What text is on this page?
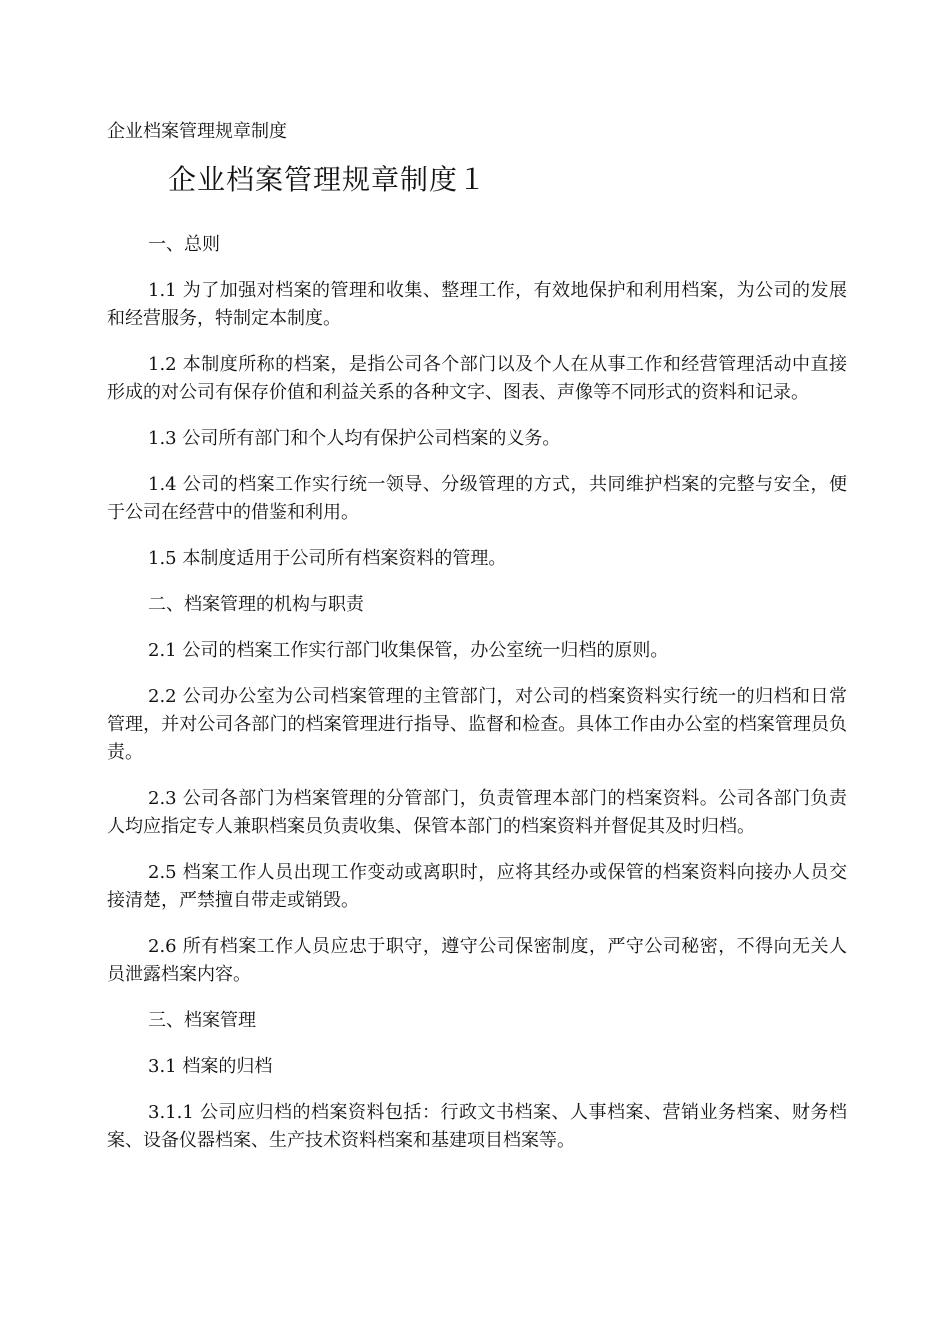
企业档案管理规章制度
企业档案管理规章制度１

一、总则

1.1 为了加强对档案的管理和收集、整理工作，有效地保护和利用档案，为公司的发展和经营服务，特制定本制度。

1.2 本制度所称的档案，是指公司各个部门以及个人在从事工作和经营管理活动中直接形成的对公司有保存价值和利益关系的各种文字、图表、声像等不同形式的资料和记录。

1.3 公司所有部门和个人均有保护公司档案的义务。

1.4 公司的档案工作实行统一领导、分级管理的方式，共同维护档案的完整与安全，便于公司在经营中的借鉴和利用。

1.5 本制度适用于公司所有档案资料的管理。

二、档案管理的机构与职责

2.1 公司的档案工作实行部门收集保管，办公室统一归档的原则。

2.2 公司办公室为公司档案管理的主管部门，对公司的档案资料实行统一的归档和日常管理，并对公司各部门的档案管理进行指导、监督和检查。具体工作由办公室的档案管理员负责。

2.3 公司各部门为档案管理的分管部门，负责管理本部门的档案资料。公司各部门负责人均应指定专人兼职档案员负责收集、保管本部门的档案资料并督促其及时归档。

2.5 档案工作人员出现工作变动或离职时，应将其经办或保管的档案资料向接办人员交接清楚，严禁擅自带走或销毁。

2.6 所有档案工作人员应忠于职守，遵守公司保密制度，严守公司秘密，不得向无关人员泄露档案内容。

三、档案管理

3.1 档案的归档

3.1.1 公司应归档的档案资料包括：行政文书档案、人事档案、营销业务档案、财务档案、设备仪器档案、生产技术资料档案和基建项目档案等。
